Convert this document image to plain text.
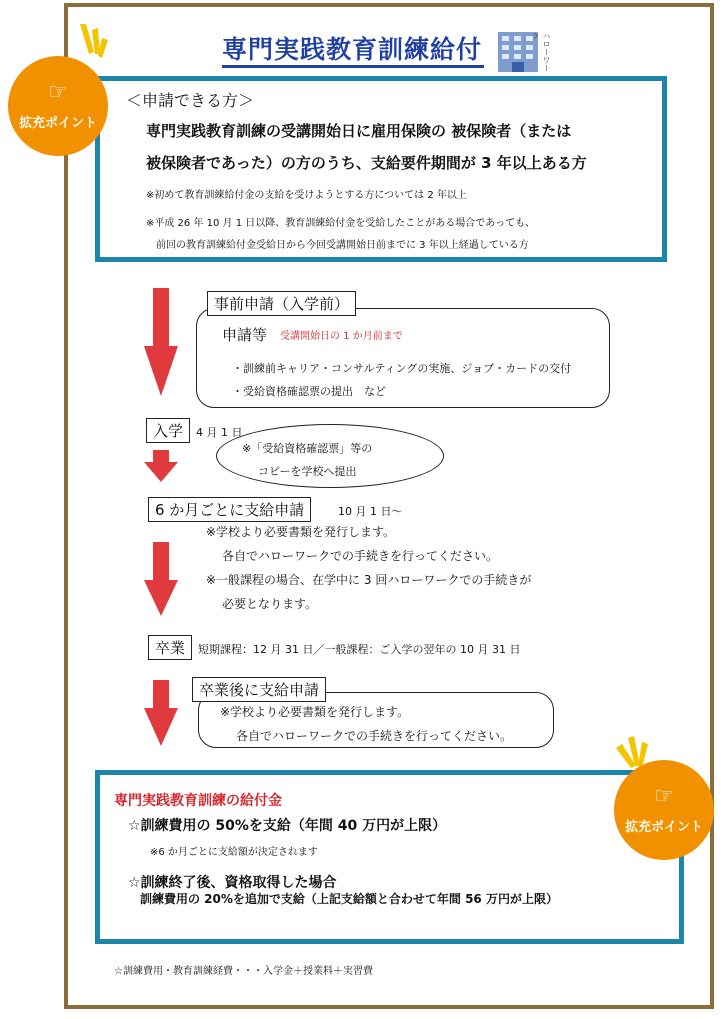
専門実践教育訓練給付	ハローワーク
＜申請できる方＞
専門実践教育訓練の受講開始日に雇用保険の 被保険者（または
被保険者であった）の方のうち、支給要件期間が 3 年以上ある方
※初めて教育訓練給付金の支給を受けようとする方については 2 年以上
※平成 26 年 10 月 1 日以降、教育訓練給付金を受給したことがある場合であっても、
前回の教育訓練給付金受給日から今回受講開始日前までに 3 年以上経過している方
☞
拡充ポイント
事前申請（入学前）
申請等 受講開始日の 1 か月前まで
・訓練前キャリア・コンサルティングの実施、ジョブ・カードの交付
・受給資格確認票の提出　など
入学	4 月 1 日
※「受給資格確認票」等の
コピーを学校へ提出
6 か月ごとに支給申請	10 月 1 日～
※学校より必要書類を発行します。
各自でハローワークでの手続きを行ってください。
※一般課程の場合、在学中に 3 回ハローワークでの手続きが
必要となります。
卒業	短期課程：12 月 31 日／一般課程：ご入学の翌年の 10 月 31 日
卒業後に支給申請
※学校より必要書類を発行します。
各自でハローワークでの手続きを行ってください。
専門実践教育訓練の給付金
☆訓練費用の 50%を支給（年間 40 万円が上限）
※6 か月ごとに支給額が決定されます
☆訓練終了後、資格取得した場合
訓練費用の 20%を追加で支給（上記支給額と合わせて年間 56 万円が上限）
☞
拡充ポイント
☆訓練費用・教育訓練経費・・・入学金＋授業料＋実習費
